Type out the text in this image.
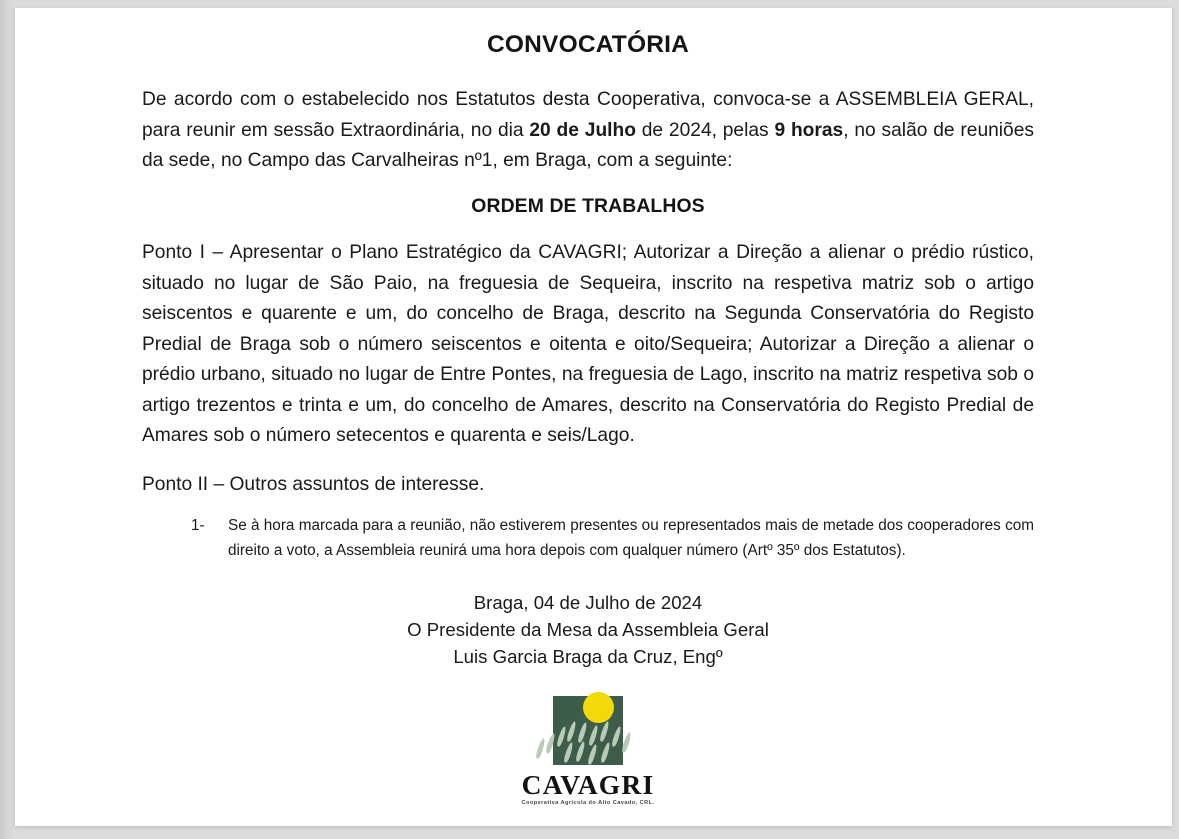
CONVOCATÓRIA

De acordo com o estabelecido nos Estatutos desta Cooperativa, convoca-se a ASSEMBLEIA GERAL, para reunir em sessão Extraordinária, no dia 20 de Julho de 2024, pelas 9 horas, no salão de reuniões da sede, no Campo das Carvalheiras nº1, em Braga, com a seguinte:

ORDEM DE TRABALHOS

Ponto I – Apresentar o Plano Estratégico da CAVAGRI; Autorizar a Direção a alienar o prédio rústico, situado no lugar de São Paio, na freguesia de Sequeira, inscrito na respetiva matriz sob o artigo seiscentos e quarente e um, do concelho de Braga, descrito na Segunda Conservatória do Registo Predial de Braga sob o número seiscentos e oitenta e oito/Sequeira; Autorizar a Direção a alienar o prédio urbano, situado no lugar de Entre Pontes, na freguesia de Lago, inscrito na matriz respetiva sob o artigo trezentos e trinta e um, do concelho de Amares, descrito na Conservatória do Registo Predial de Amares sob o número setecentos e quarenta e seis/Lago.

Ponto II – Outros assuntos de interesse.

1- Se à hora marcada para a reunião, não estiverem presentes ou representados mais de metade dos cooperadores com direito a voto, a Assembleia reunirá uma hora depois com qualquer número (Artº 35º dos Estatutos).
Braga, 04 de Julho de 2024
O Presidente da Mesa da Assembleia Geral
Luis Garcia Braga da Cruz, Engº
CAVAGRI
Cooperativa Agrícola do Alto Cavado, CRL.
